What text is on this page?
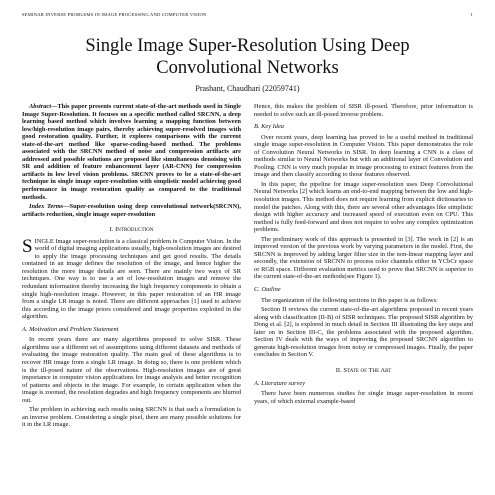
SEMINAR INVERSE PROBLEMS IN IMAGE PROCESSING AND COMPUTER VISION	1
Single Image Super-Resolution Using Deep Convolutional Networks
Prashant, Chaudhari (22059741)

Abstract—This paper presents current state-of-the-art methods used in Single Image Super-Resolution. It focuses on a specific method called SRCNN, a deep learning based method which involves learning a mapping function between low/high-resolution image pairs, thereby achieving super-resolved images with good restoration quality. Further, it explores comparisons with the current state-of-the-art method like sparse-coding-based method. The problems associated with the SRCNN method of noise and compression artifacts are addressed and possible solutions are proposed like simultaneous denoising with SR and addition of feature enhancement layer (AR-CNN) for compression artifacts in low level vision problems. SRCNN proves to be a state-of-the-art technique in single image super-resolution with simplistic model achieving good performance in image restoration quality as compared to the traditional methods.

Index Terms—Super-resolution using deep convolutional network(SRCNN), artifacts reduction, single image super-resolution

I. Introduction

SINGLE Image super-resolution is a classical problem in Computer Vision. In the world of digital imaging applications usually, high-resolution images are desired to apply the image processing techniques and get good results. The details contained in an image defines the resolution of the image, and hence higher the resolution the more image details are seen. There are mainly two ways of SR techniques. One way is to use a set of low-resolution images and remove the redundant information thereby increasing the high frequency components to obtain a single high-resolution image. However, in this paper restoration of an HR image from a single LR image is noted. There are different approaches [1] used to achieve this according to the image priors considered and image properties exploited in the algorithm.

A. Motivation and Problem Statement

In recent years there are many algorithms proposed to solve SISR. These algorithms use a different set of assumptions using different datasets and methods of evaluating the image restoration quality. The main goal of these algorithms is to recover HR image from a single LR image. In doing so, there is one problem which is the ill-posed nature of the observations. High-resolution images are of great importance in computer vision applications for image analysis and better recognition of patterns and objects in the image. For example, in certain application when the image is zoomed, the resolution degrades and high frequency components are blurred out.

The problem in achieving such results using SRCNN is that such a formulation is an inverse problem. Considering a single pixel, there are many possible solutions for it in the LR image.

Hence, this makes the problem of SISR ill-posed. Therefore, prior information is needed to solve such an ill-posed inverse problem.

B. Key Idea

Over recent years, deep learning has proved to be a useful method in traditional single image super-resolution in Computer Vision. This paper demonstrates the role of Convolution Neural Networks in SISR. In deep learning a CNN is a class of methods similar to Neural Networks but with an additional layer of Convolution and Pooling. CNN is very much popular in image processing to extract features from the image and then classify according to those features observed.

In this paper, the pipeline for image super-resolution uses Deep Convolutional Neural Networks [2] which learns an end-to-end mapping between the low and high-resolution images. This method does not require learning from explicit dictionaries to model the patches. Along with this, there are several other advantages like simplistic design with higher accuracy and increased speed of execution even on CPU. This method is fully feed-forward and does not require to solve any complex optimization problems.

The preliminary work of this approach is presented in [3]. The work in [2] is an improved version of the previous work by varying parameters in the model. First, the SRCNN is improved by adding larger filter size in the non-linear mapping layer and secondly, the extension of SRCNN to process color channels either in YCbCr space or RGB space. Different evaluation metrics used to prove that SRCNN is superior to the current state-of-the-art methods(see Figure 1).

C. Outline

The organization of the following sections in this paper is as follows:

Section II reviews the current state-of-the-art algorithms proposed in recent years along with classification (II-B) of SISR techniques. The proposed SISR algorithm by Dong et al. [2], is explored in much detail in Section III illustrating the key steps and later on in Section III-C, the problems associated with the proposed algorithm. Section IV deals with the ways of improving the proposed SRCNN algorithm to generate high-resolution images from noisy or compressed images. Finally, the paper concludes in Section V.

II. State of The Art
A. Literature survey

There have been numerous studies for single image super-resolution in recent years, of which external example-based
